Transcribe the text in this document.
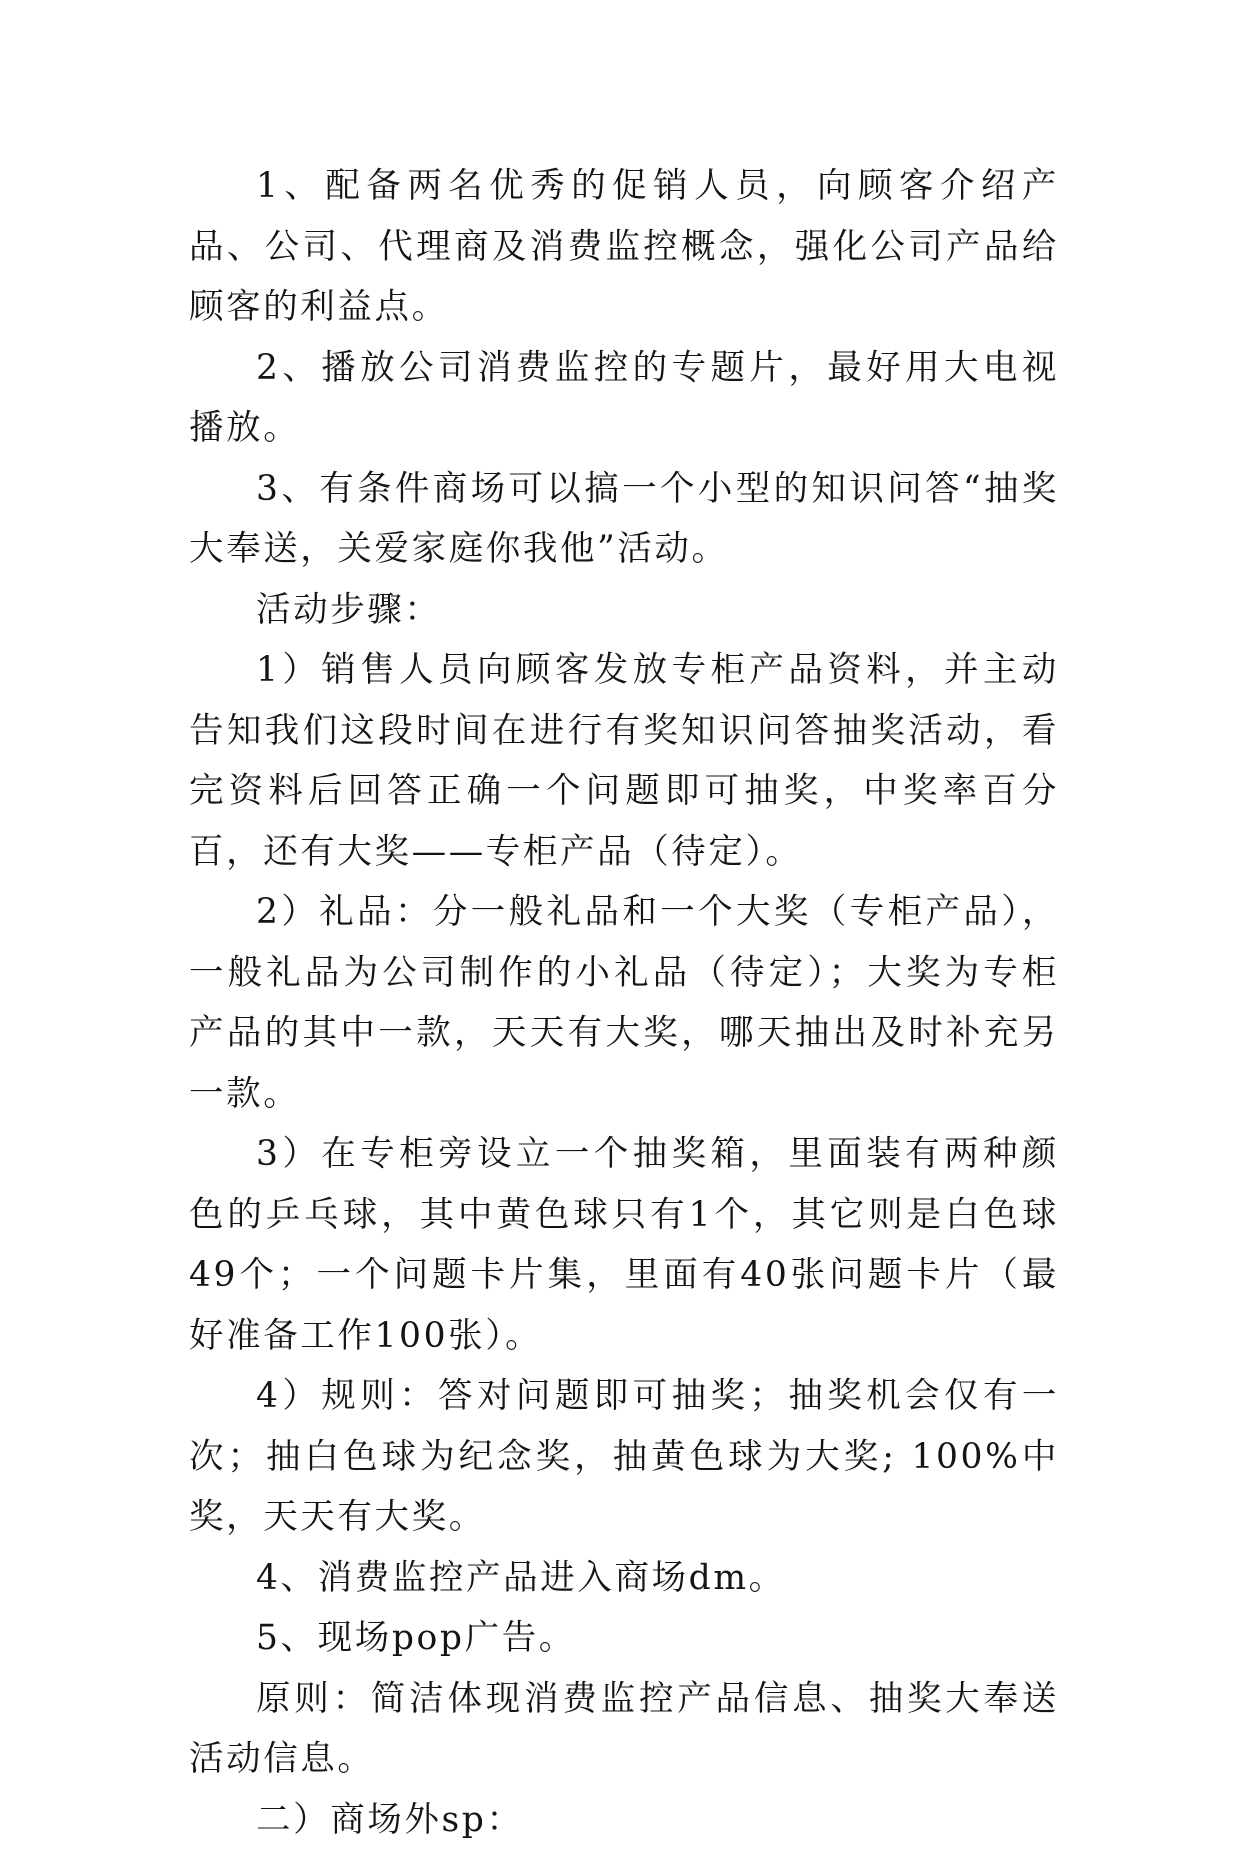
1、配备两名优秀的促销人员，向顾客介绍产品、公司、代理商及消费监控概念，强化公司产品给顾客的利益点。

2、播放公司消费监控的专题片，最好用大电视播放。

3、有条件商场可以搞一个小型的知识问答“抽奖大奉送，关爱家庭你我他”活动。

活动步骤：

1）销售人员向顾客发放专柜产品资料，并主动告知我们这段时间在进行有奖知识问答抽奖活动，看完资料后回答正确一个问题即可抽奖，中奖率百分百，还有大奖——专柜产品（待定）。

2）礼品：分一般礼品和一个大奖（专柜产品），一般礼品为公司制作的小礼品（待定）；大奖为专柜产品的其中一款，天天有大奖，哪天抽出及时补充另一款。

3）在专柜旁设立一个抽奖箱，里面装有两种颜色的乒乓球，其中黄色球只有1个，其它则是白色球49个；一个问题卡片集，里面有40张问题卡片（最好准备工作100张）。

4）规则：答对问题即可抽奖；抽奖机会仅有一次；抽白色球为纪念奖，抽黄色球为大奖; 100%中奖，天天有大奖。

4、消费监控产品进入商场dm。

5、现场pop广告。

原则：简洁体现消费监控产品信息、抽奖大奉送活动信息。

二）商场外sp：
